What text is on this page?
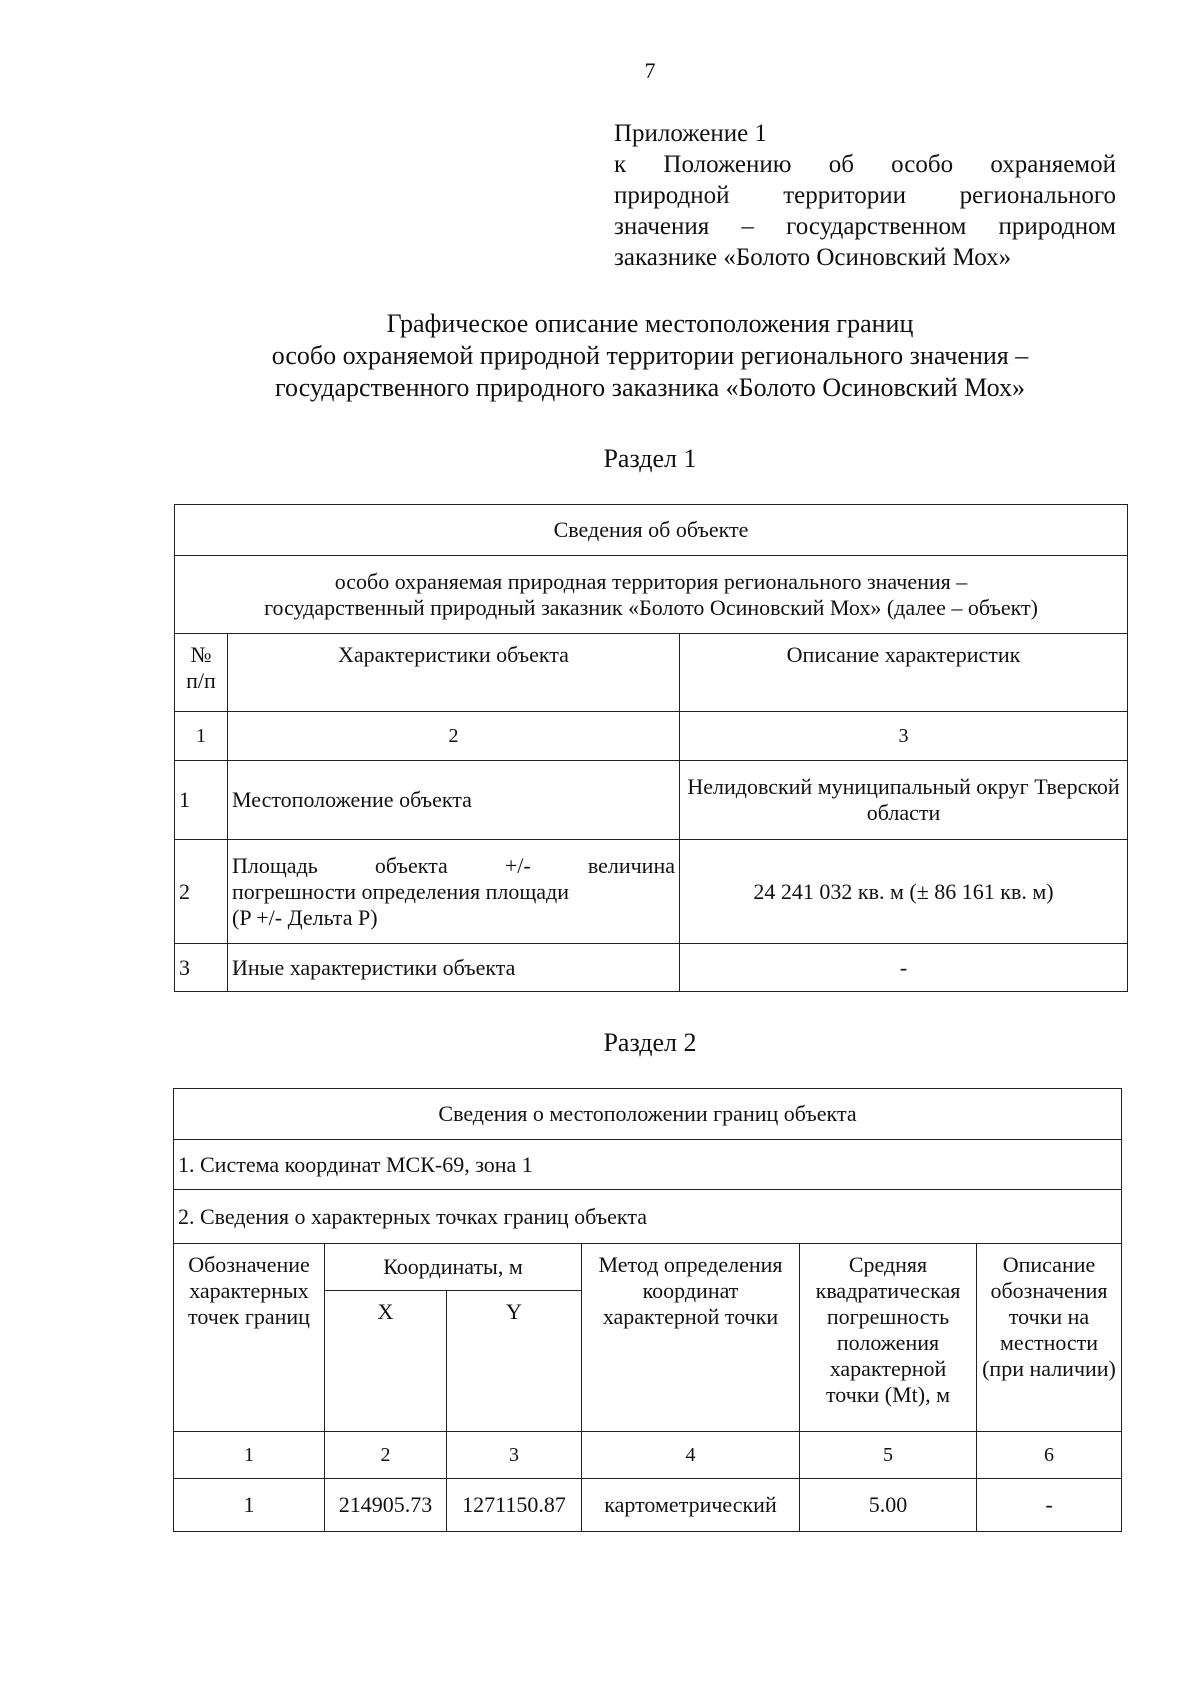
7
Приложение 1
к Положению об особо охраняемой
природной территории регионального
значения – государственном природном
заказнике «Болото Осиновский Мох»
Графическое описание местоположения границ
особо охраняемой природной территории регионального значения –
государственного природного заказника «Болото Осиновский Мох»
Раздел 1
Сведения об объекте		

особо охраняемая природная территория регионального значения –
государственный природный заказник «Болото Осиновский Мох» (далее – объект)		

№ п/п	Характеристики объекта	Описание характеристик
1	2	3
1	Местоположение объекта	Нелидовский муниципальный округ Тверской области
2	Площадь объекта +/- величина
погрешности определения площади
(P +/- Дельта P)	24 241 032 кв. м (± 86 161 кв. м)
3	Иные характеристики объекта	-
Раздел 2
Сведения о местоположении границ объекта					
1. Система координат МСК-69, зона 1					
2. Сведения о характерных точках границ объекта					
Обозначение характерных точек границ	Координаты, м		Метод определения координат характерной точки	Средняя квадратическая погрешность положения характерной точки (Mt), м	Описание обозначения точки на местности (при наличии)
	X	Y			
1	2	3	4	5	6
1	214905.73	1271150.87	картометрический	5.00	-
